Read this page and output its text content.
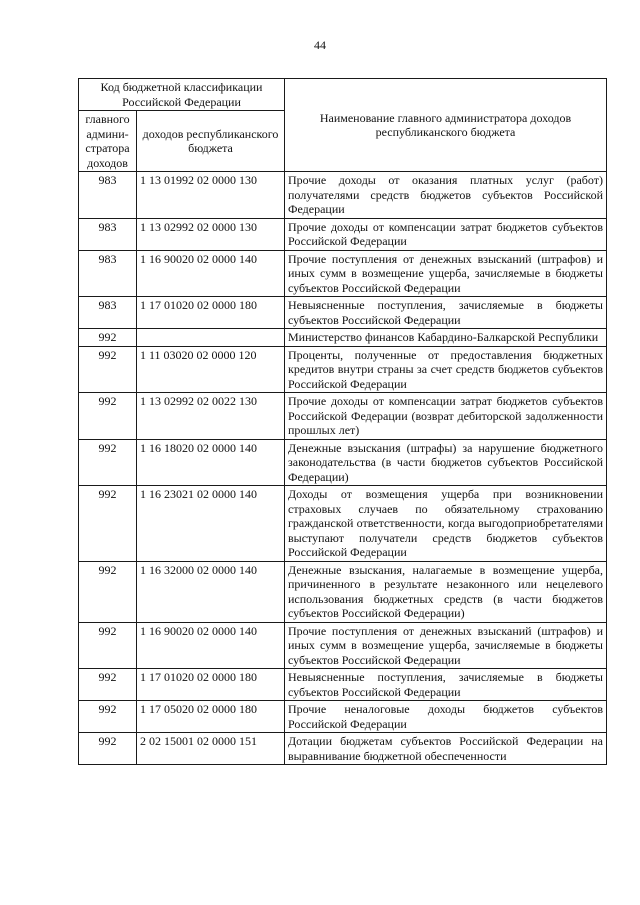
44
Код бюджетной классификации Российской Федерации		Наименование главного администратора доходов республиканского бюджета
главного админи-стратора доходов	доходов республиканского бюджета	
983	1 13 01992 02 0000 130	Прочие доходы от оказания платных услуг (работ) получателями средств бюджетов субъектов Российской Федерации
983	1 13 02992 02 0000 130	Прочие доходы от компенсации затрат бюджетов субъектов Российской Федерации
983	1 16 90020 02 0000 140	Прочие поступления от денежных взысканий (штрафов) и иных сумм в возмещение ущерба, зачисляемые в бюджеты субъектов Российской Федерации
983	1 17 01020 02 0000 180	Невыясненные поступления, зачисляемые в бюджеты субъектов Российской Федерации
992		Министерство финансов Кабардино-Балкарской Республики
992	1 11 03020 02 0000 120	Проценты, полученные от предоставления бюджетных кредитов внутри страны за счет средств бюджетов субъектов Российской Федерации
992	1 13 02992 02 0022 130	Прочие доходы от компенсации затрат бюджетов субъектов Российской Федерации (возврат дебиторской задолженности прошлых лет)
992	1 16 18020 02 0000 140	Денежные взыскания (штрафы) за нарушение бюджетного законодательства (в части бюджетов субъектов Российской Федерации)
992	1 16 23021 02 0000 140	Доходы от возмещения ущерба при возникновении страховых случаев по обязательному страхованию гражданской ответственности, когда выгодоприобретателями выступают получатели средств бюджетов субъектов Российской Федерации
992	1 16 32000 02 0000 140	Денежные взыскания, налагаемые в возмещение ущерба, причиненного в результате незаконного или нецелевого использования бюджетных средств (в части бюджетов субъектов Российской Федерации)
992	1 16 90020 02 0000 140	Прочие поступления от денежных взысканий (штрафов) и иных сумм в возмещение ущерба, зачисляемые в бюджеты субъектов Российской Федерации
992	1 17 01020 02 0000 180	Невыясненные поступления, зачисляемые в бюджеты субъектов Российской Федерации
992	1 17 05020 02 0000 180	Прочие неналоговые доходы бюджетов субъектов Российской Федерации
992	2 02 15001 02 0000 151	Дотации бюджетам субъектов Российской Федерации на выравнивание бюджетной обеспеченности
